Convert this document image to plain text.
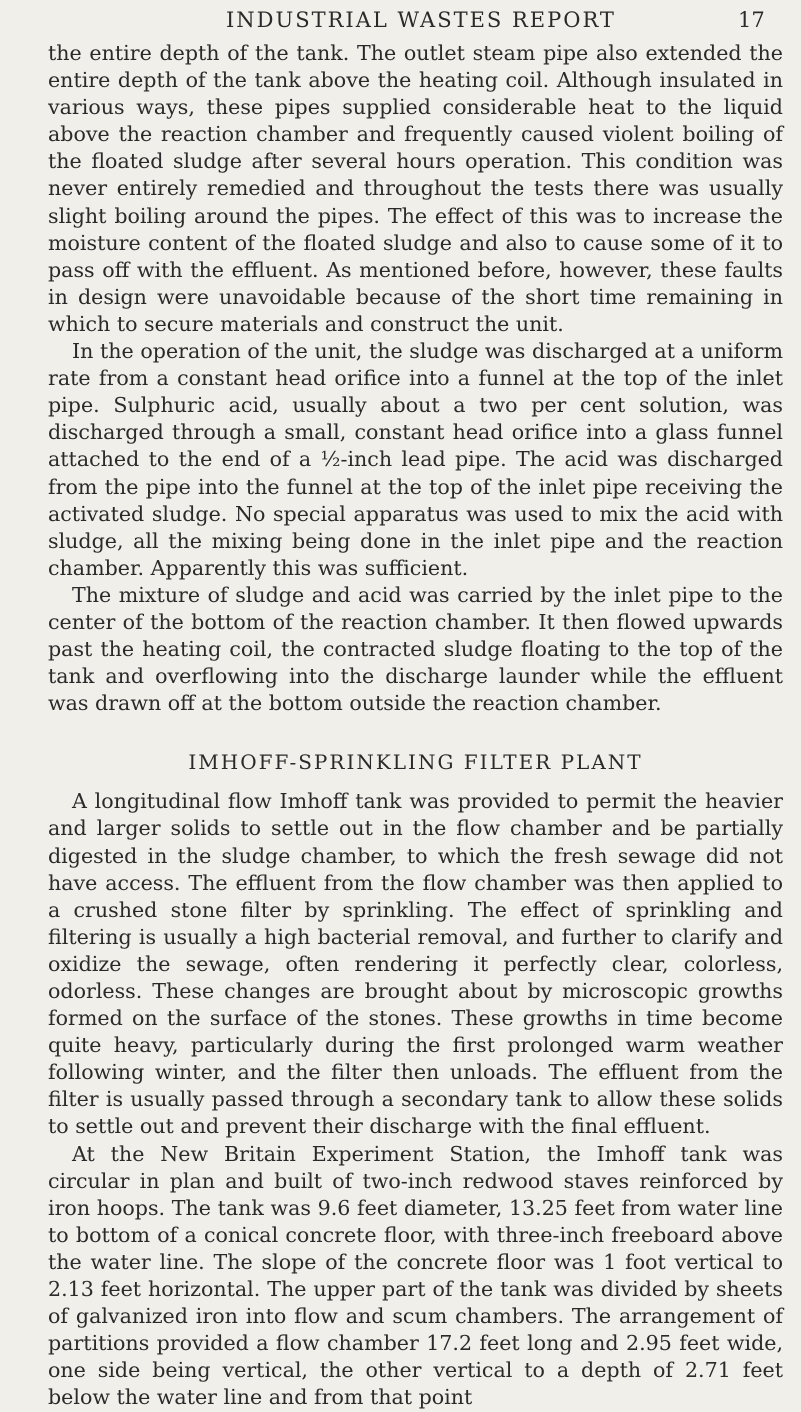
INDUSTRIAL WASTES REPORT	17

the entire depth of the tank. The outlet steam pipe also extended the entire depth of the tank above the heating coil. Although insulated in various ways, these pipes supplied considerable heat to the liquid above the reaction chamber and frequently caused violent boiling of the floated sludge after several hours operation. This condition was never entirely remedied and throughout the tests there was usually slight boiling around the pipes. The effect of this was to increase the moisture content of the floated sludge and also to cause some of it to pass off with the effluent. As mentioned before, however, these faults in design were unavoidable because of the short time remaining in which to secure materials and construct the unit.

In the operation of the unit, the sludge was discharged at a uniform rate from a constant head orifice into a funnel at the top of the inlet pipe. Sulphuric acid, usually about a two per cent solution, was discharged through a small, constant head orifice into a glass funnel attached to the end of a ½-inch lead pipe. The acid was discharged from the pipe into the funnel at the top of the inlet pipe receiving the activated sludge. No special apparatus was used to mix the acid with sludge, all the mixing being done in the inlet pipe and the reaction chamber. Apparently this was sufficient.

The mixture of sludge and acid was carried by the inlet pipe to the center of the bottom of the reaction chamber. It then flowed upwards past the heating coil, the contracted sludge floating to the top of the tank and overflowing into the discharge launder while the effluent was drawn off at the bottom outside the reaction chamber.

IMHOFF-SPRINKLING FILTER PLANT

A longitudinal flow Imhoff tank was provided to permit the heavier and larger solids to settle out in the flow chamber and be partially digested in the sludge chamber, to which the fresh sewage did not have access. The effluent from the flow chamber was then applied to a crushed stone filter by sprinkling. The effect of sprinkling and filtering is usually a high bacterial removal, and further to clarify and oxidize the sewage, often rendering it perfectly clear, colorless, odorless. These changes are brought about by microscopic growths formed on the surface of the stones. These growths in time become quite heavy, particularly during the first prolonged warm weather following winter, and the filter then unloads. The effluent from the filter is usually passed through a secondary tank to allow these solids to settle out and prevent their discharge with the final effluent.

At the New Britain Experiment Station, the Imhoff tank was circular in plan and built of two-inch redwood staves reinforced by iron hoops. The tank was 9.6 feet diameter, 13.25 feet from water line to bottom of a conical concrete floor, with three-inch freeboard above the water line. The slope of the concrete floor was 1 foot vertical to 2.13 feet horizontal. The upper part of the tank was divided by sheets of galvanized iron into flow and scum chambers. The arrangement of partitions provided a flow chamber 17.2 feet long and 2.95 feet wide, one side being vertical, the other vertical to a depth of 2.71 feet below the water line and from that point
